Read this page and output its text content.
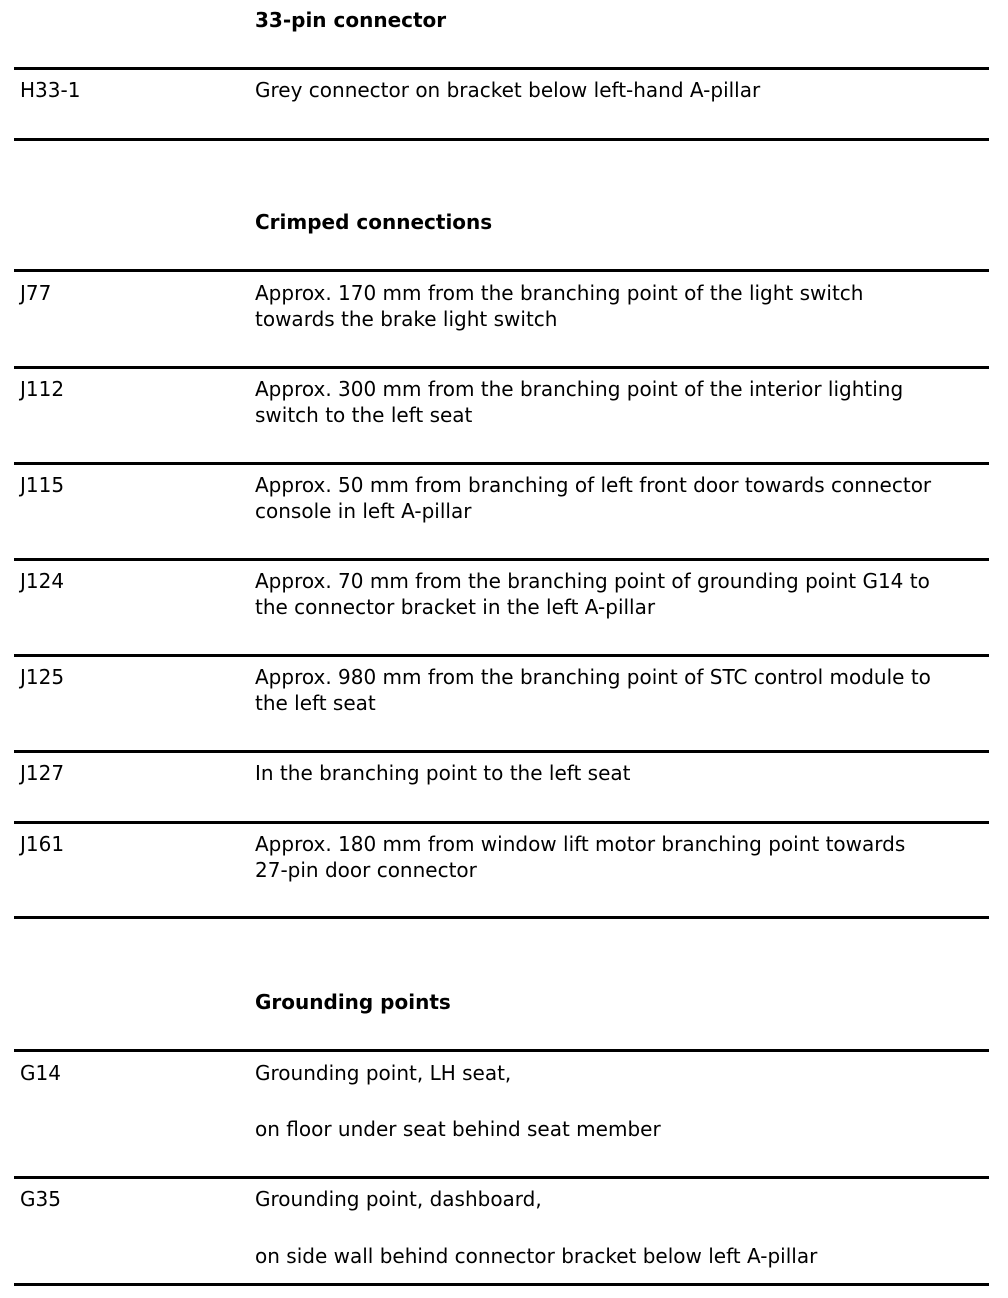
33-pin connector
H33-1	Grey connector on bracket below left-hand A-pillar
Crimped connections
J77	Approx. 170 mm from the branching point of the light switch
towards the brake light switch
J112	Approx. 300 mm from the branching point of the interior lighting
switch to the left seat
J115	Approx. 50 mm from branching of left front door towards connector
console in left A-pillar
J124	Approx. 70 mm from the branching point of grounding point G14 to
the connector bracket in the left A-pillar
J125	Approx. 980 mm from the branching point of STC control module to
the left seat
J127	In the branching point to the left seat
J161	Approx. 180 mm from window lift motor branching point towards
27-pin door connector
Grounding points
G14	Grounding point, LH seat,
on floor under seat behind seat member
G35	Grounding point, dashboard,
on side wall behind connector bracket below left A-pillar
